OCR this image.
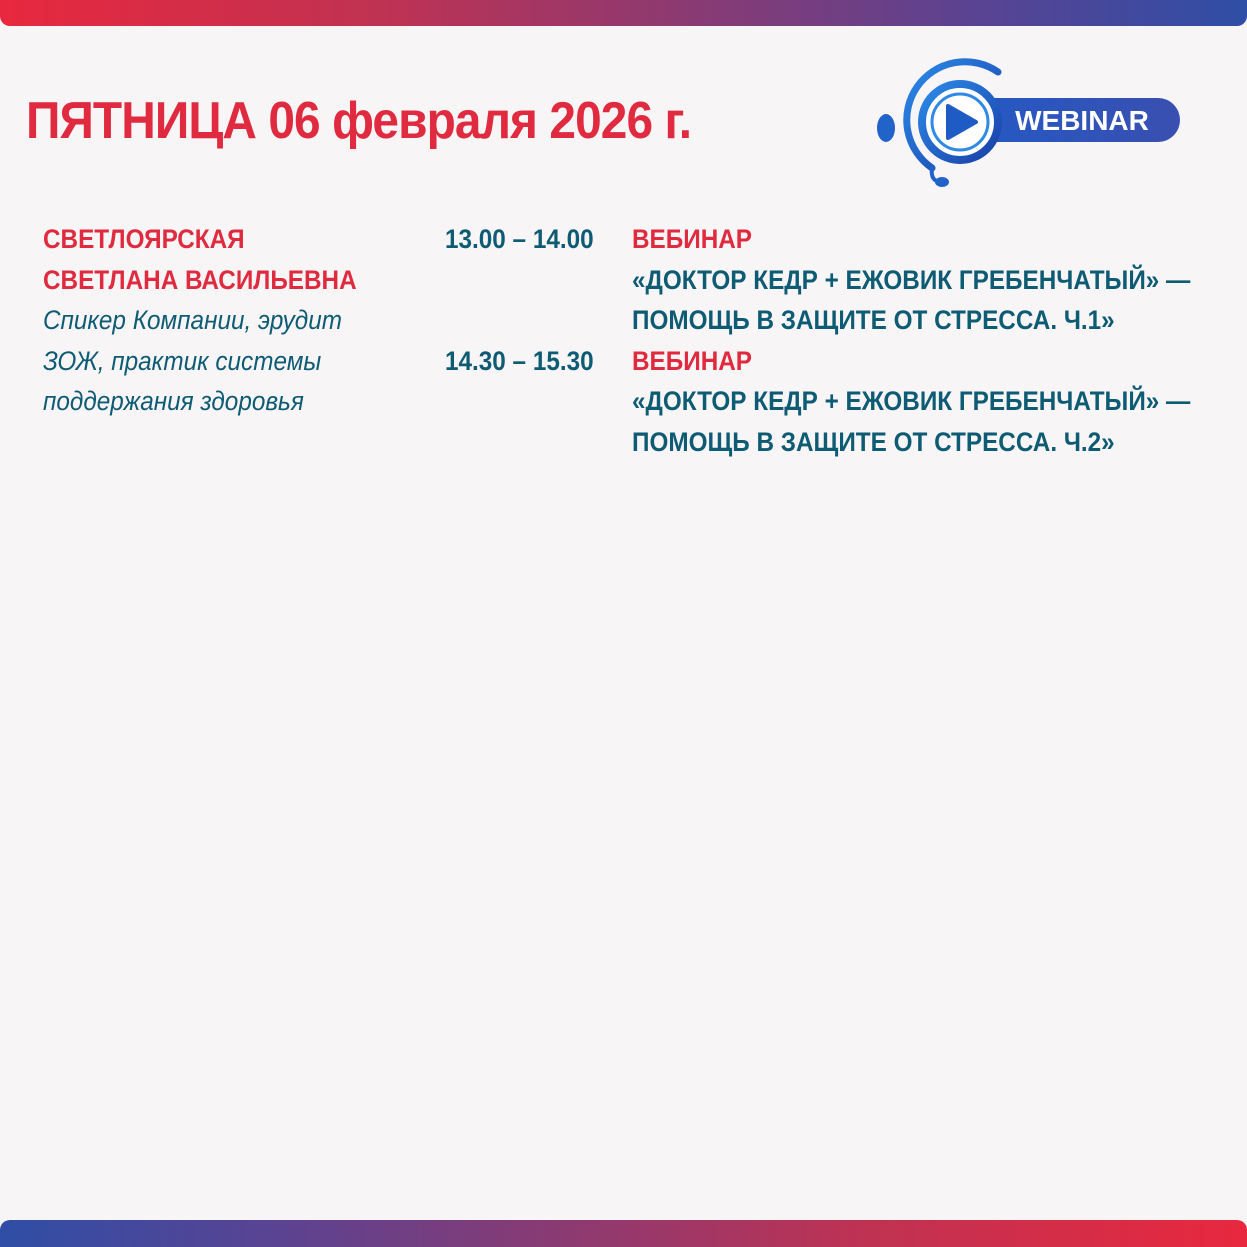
ПЯТНИЦА 06 февраля 2026 г.	WEBINAR
СВЕТЛОЯРСКАЯ
СВЕТЛАНА ВАСИЛЬЕВНА
Спикер Компании, эрудит
ЗОЖ, практик системы
поддержания здоровья
13.00 – 14.00
14.30 – 15.30
ВЕБИНАР
«ДОКТОР КЕДР + ЕЖОВИК ГРЕБЕНЧАТЫЙ» —
ПОМОЩЬ В ЗАЩИТЕ ОТ СТРЕССА. Ч.1»
ВЕБИНАР
«ДОКТОР КЕДР + ЕЖОВИК ГРЕБЕНЧАТЫЙ» —
ПОМОЩЬ В ЗАЩИТЕ ОТ СТРЕССА. Ч.2»
